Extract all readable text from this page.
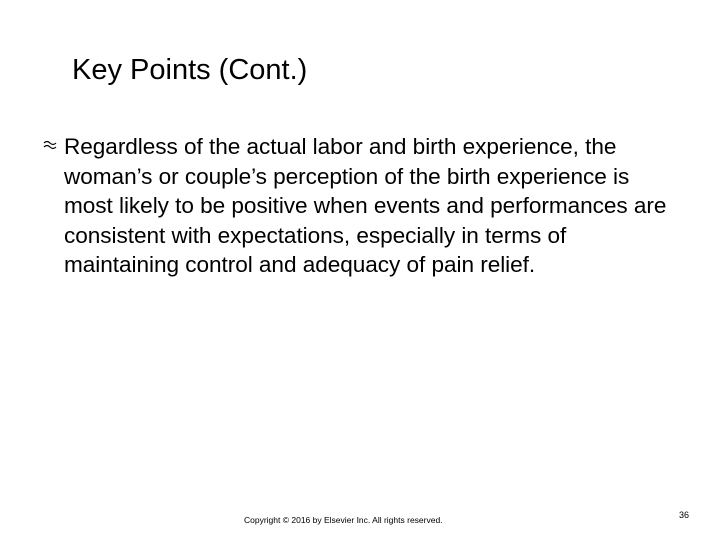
Key Points (Cont.)
Regardless of the actual labor and birth experience, the woman’s or couple’s perception of the birth experience is most likely to be positive when events and performances are consistent with expectations, especially in terms of maintaining control and adequacy of pain relief.
Copyright © 2016 by Elsevier Inc. All rights reserved.	36
